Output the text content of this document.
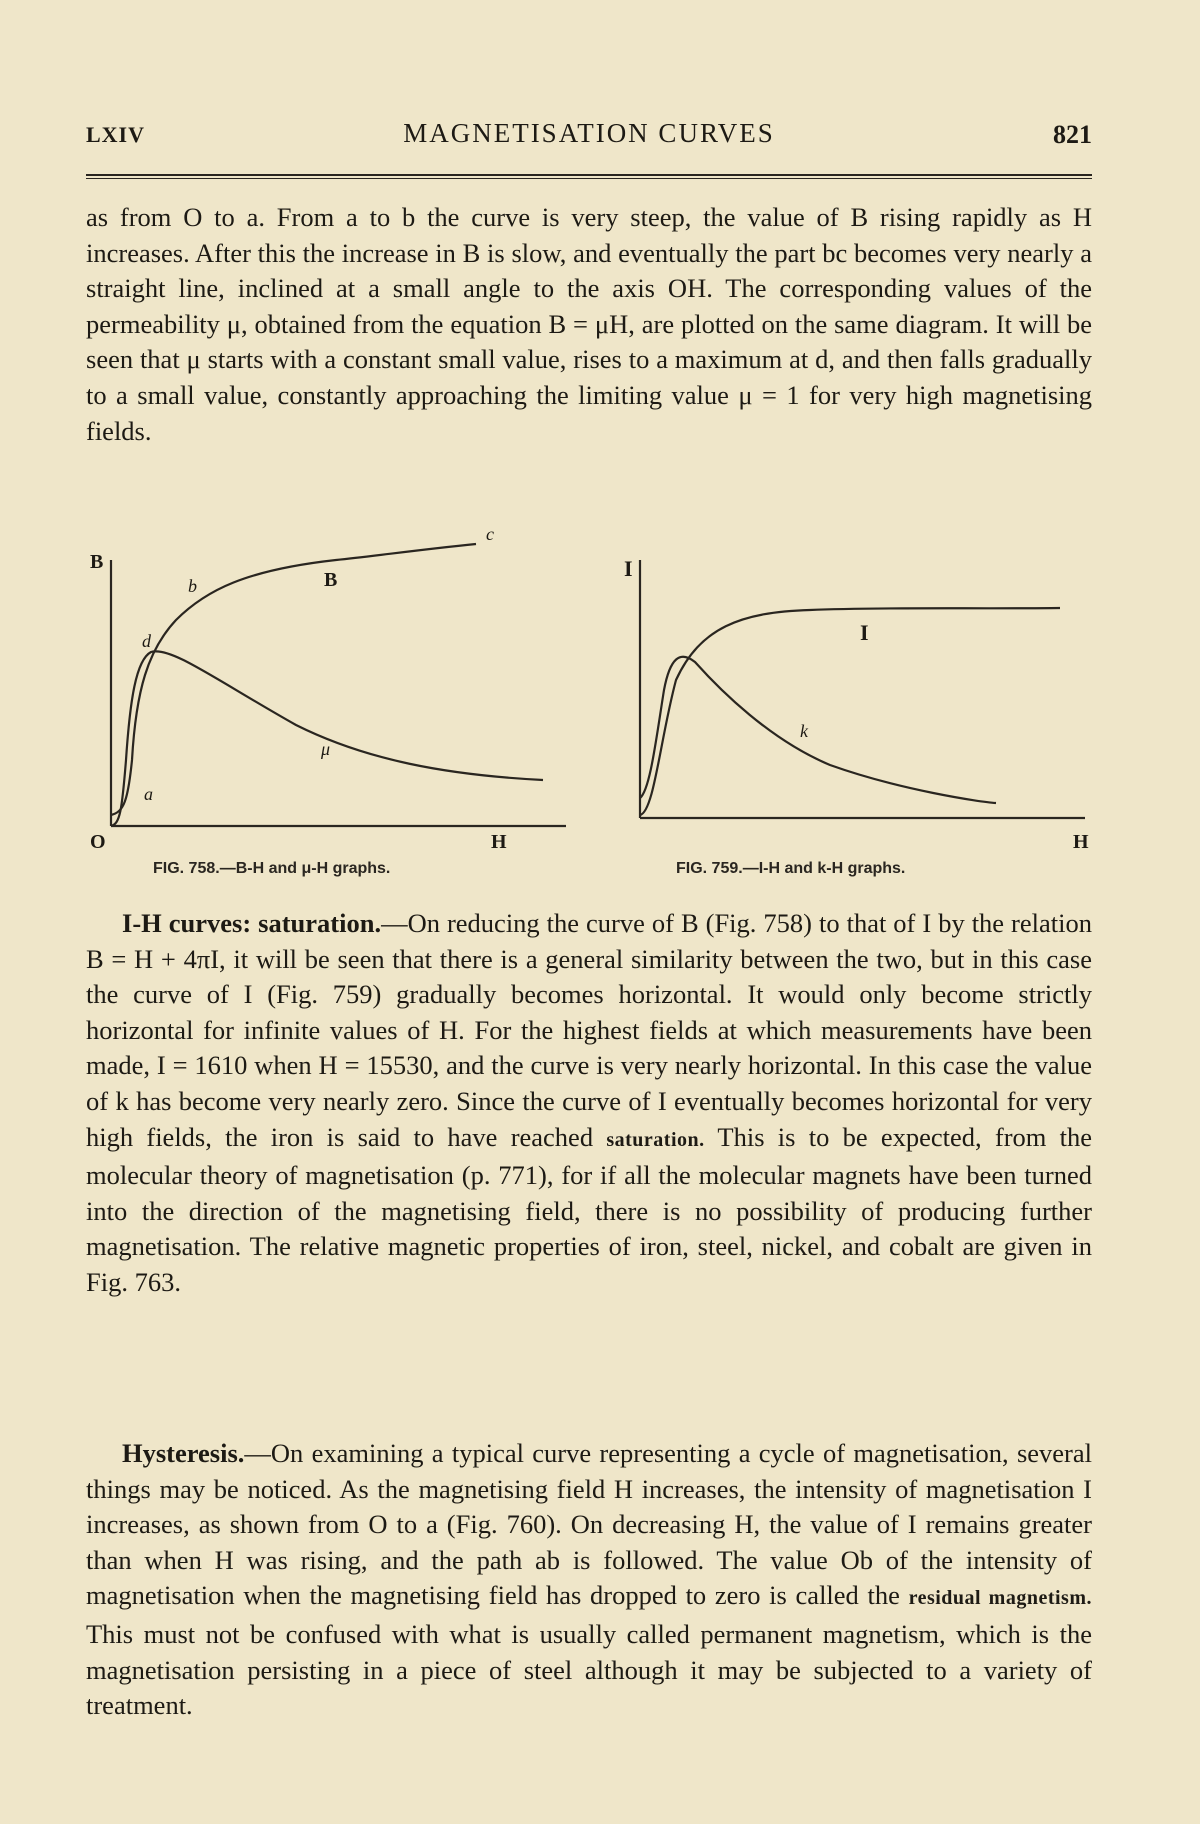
LXIV	MAGNETISATION CURVES	821

as from O to a. From a to b the curve is very steep, the value of B rising rapidly as H increases. After this the increase in B is slow, and eventually the part bc becomes very nearly a straight line, inclined at a small angle to the axis OH. The corresponding values of the permeability μ, obtained from the equation B = μH, are plotted on the same diagram. It will be seen that μ starts with a constant small value, rises to a maximum at d, and then falls gradually to a small value, constantly approaching the limiting value μ = 1 for very high magnetising fields.

B
H
O
a
b
c
d
B
μ
FIG. 758.—B-H and μ-H graphs.
I
H
I
k
FIG. 759.—I-H and k-H graphs.

I-H curves: saturation.—On reducing the curve of B (Fig. 758) to that of I by the relation B = H + 4πI, it will be seen that there is a general similarity between the two, but in this case the curve of I (Fig. 759) gradually becomes horizontal. It would only become strictly horizontal for infinite values of H. For the highest fields at which measurements have been made, I = 1610 when H = 15530, and the curve is very nearly horizontal. In this case the value of k has become very nearly zero. Since the curve of I eventually becomes horizontal for very high fields, the iron is said to have reached saturation. This is to be expected, from the molecular theory of magnetisation (p. 771), for if all the molecular magnets have been turned into the direction of the magnetising field, there is no possibility of producing further magnetisation. The relative magnetic properties of iron, steel, nickel, and cobalt are given in Fig. 763.

Hysteresis.—On examining a typical curve representing a cycle of magnetisation, several things may be noticed. As the magnetising field H increases, the intensity of magnetisation I increases, as shown from O to a (Fig. 760). On decreasing H, the value of I remains greater than when H was rising, and the path ab is followed. The value Ob of the intensity of magnetisation when the magnetising field has dropped to zero is called the residual magnetism. This must not be confused with what is usually called permanent magnetism, which is the magnetisation persisting in a piece of steel although it may be subjected to a variety of treatment.
